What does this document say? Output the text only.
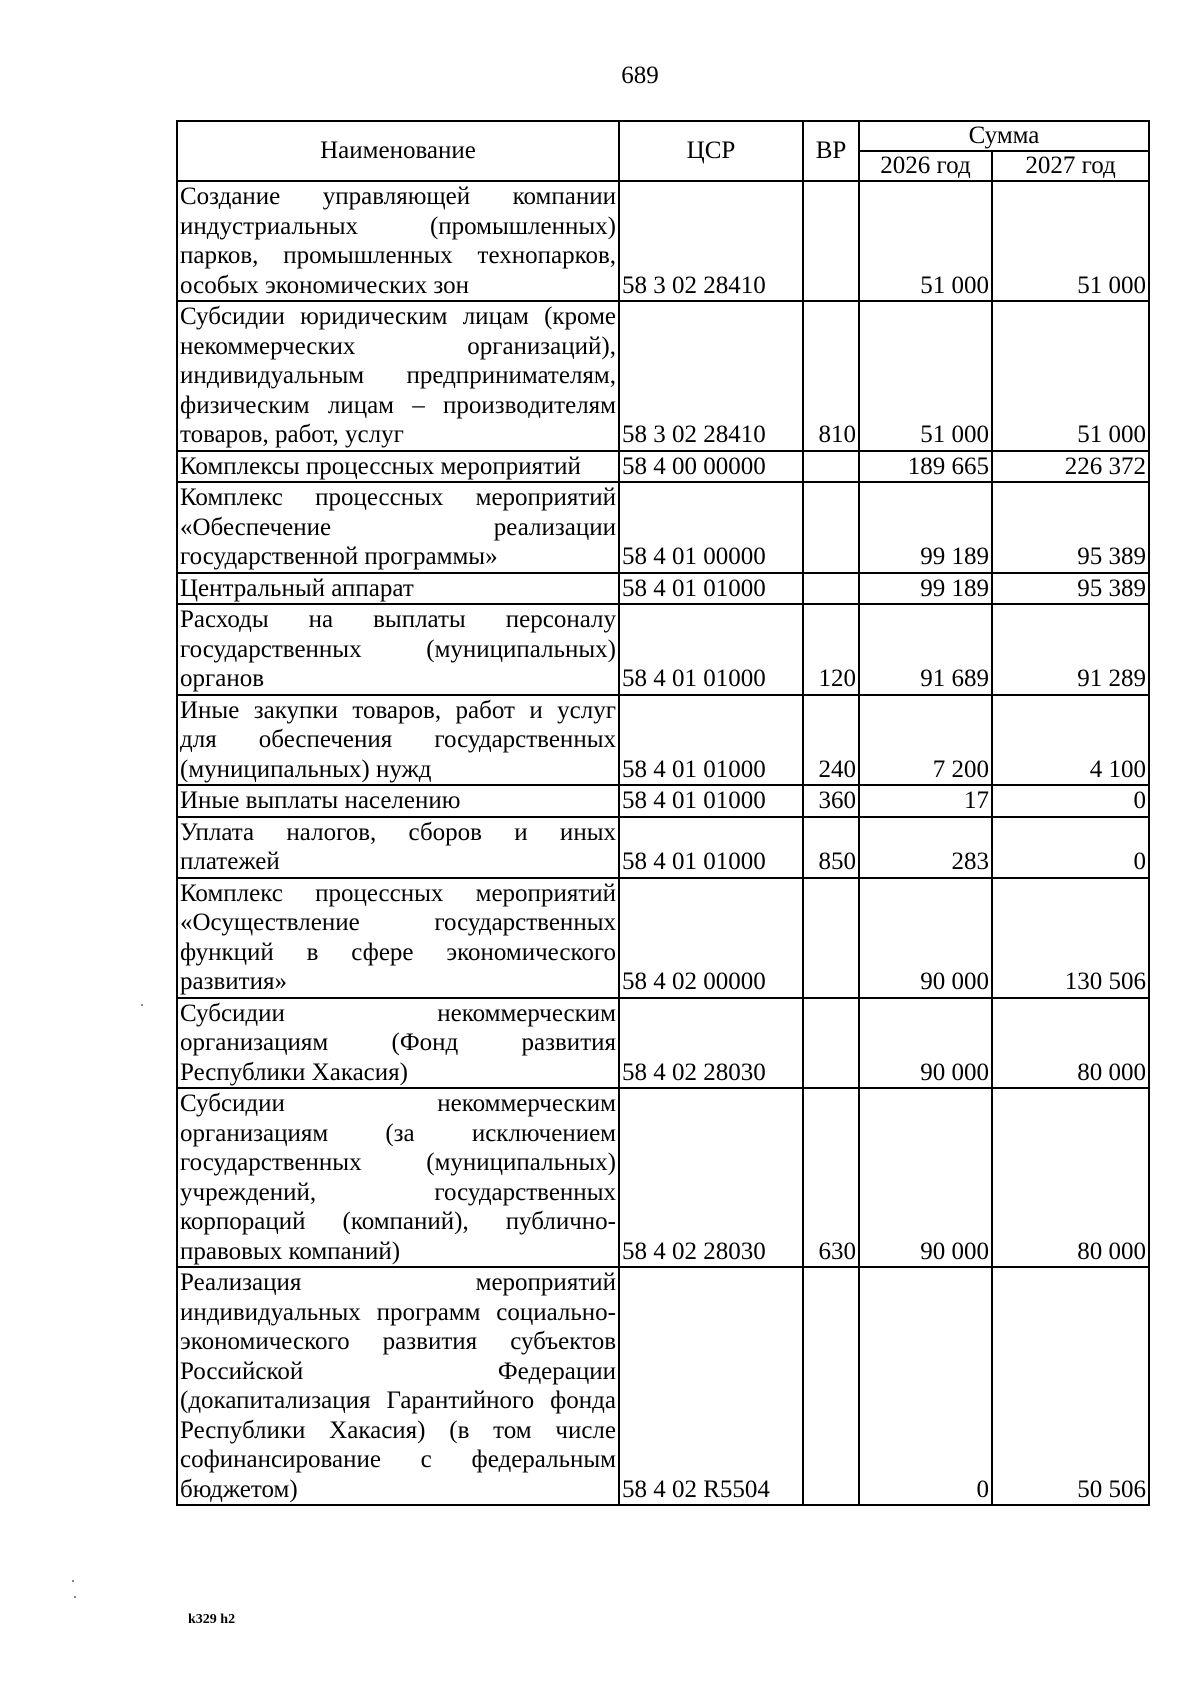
689
Наименование	ЦСР	ВР	Сумма	
			2026 год	2027 год
Создание управляющей компании индустриальных (промышленных) парков, промышленных технопарков, особых экономических зон	58 3 02 28410		51 000	51 000
Субсидии юридическим лицам (кроме некоммерческих организаций), индивидуальным предпринимателям, физическим лицам – производителям товаров, работ, услуг	58 3 02 28410	810	51 000	51 000
Комплексы процессных мероприятий	58 4 00 00000		189 665	226 372
Комплекс процессных мероприятий «Обеспечение реализации государственной программы»	58 4 01 00000		99 189	95 389
Центральный аппарат	58 4 01 01000		99 189	95 389
Расходы на выплаты персоналу государственных (муниципальных) органов	58 4 01 01000	120	91 689	91 289
Иные закупки товаров, работ и услуг для обеспечения государственных (муниципальных) нужд	58 4 01 01000	240	7 200	4 100
Иные выплаты населению	58 4 01 01000	360	17	0
Уплата налогов, сборов и иных платежей	58 4 01 01000	850	283	0
Комплекс процессных мероприятий «Осуществление государственных функций в сфере экономического развития»	58 4 02 00000		90 000	130 506
Субсидии некоммерческим организациям (Фонд развития Республики Хакасия)	58 4 02 28030		90 000	80 000
Субсидии некоммерческим организациям (за исключением государственных (муниципальных) учреждений, государственных корпораций (компаний), публично-правовых компаний)	58 4 02 28030	630	90 000	80 000
Реализация мероприятий индивидуальных программ социально-экономического развития субъектов Российской Федерации (докапитализация Гарантийного фонда Республики Хакасия) (в том числе софинансирование с федеральным бюджетом)	58 4 02 R5504		0	50 506
k329 h2
